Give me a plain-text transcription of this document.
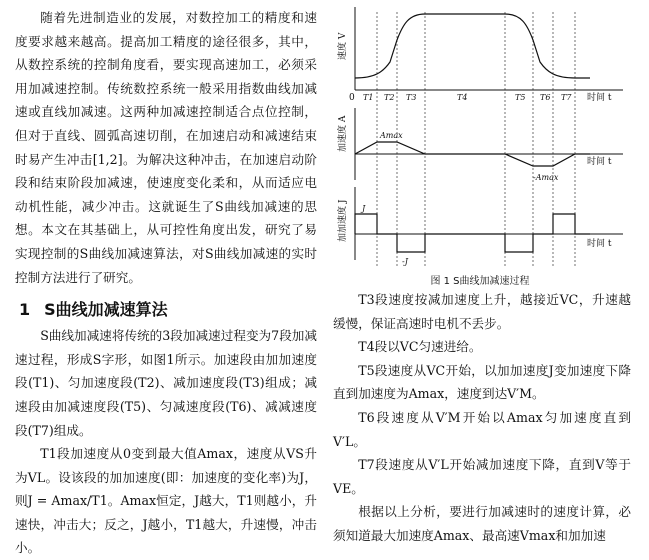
随着先进制造业的发展，对数控加工的精度和速度要求越来越高。提高加工精度的途径很多，其中，从数控系统的控制角度看，要实现高速加工，必须采用加减速控制。传统数控系统一般采用指数曲线加减速或直线加减速。这两种加减速控制适合点位控制，但对于直线、圆弧高速切削，在加速启动和减速结束时易产生冲击[1,2]。为解决这种冲击，在加速启动阶段和结束阶段加减速，使速度变化柔和，从而适应电动机性能，减少冲击。这就诞生了S曲线加减速的思想。本文在其基础上，从可控性角度出发，研究了易实现控制的S曲线加减速算法，对S曲线加减速的实时控制方法进行了研究。

1 S曲线加减速算法

S曲线加减速将传统的3段加减速过程变为7段加减速过程，形成S字形，如图1所示。加速段由加加速度段(T1)、匀加速度段(T2)、减加速度段(T3)组成；减速段由加减速度段(T5)、匀减速度段(T6)、减减速度段(T7)组成。

T1段加速度从0变到最大值Amax，速度从VS升为VL。设该段的加加速度(即：加速度的变化率)为J，则J = Amax/T1。Amax恒定，J越大，T1则越小，升速快，冲击大；反之，J越小，T1越大，升速慢，冲击小。

速度 V
0	时间 t
T1 T2 T3	T4	T5 T6 T7
加速度 A	Amax
-Amax
时间 t
加加速度 J J
-J
时间 t
图 1 S曲线加减速过程

T3段速度按减加速度上升，越接近VC，升速越缓慢，保证高速时电机不丢步。

T4段以VC匀速进给。

T5段速度从VC开始，以加加速度J变加速度下降直到加速度为Amax，速度到达V′M。

T6段速度从V′M开始以Amax匀加速度直到V′L。

T7段速度从V′L开始减加速度下降，直到V等于VE。

根据以上分析，要进行加减速时的速度计算，必须知道最大加速度Amax、最高速Vmax和加加速
